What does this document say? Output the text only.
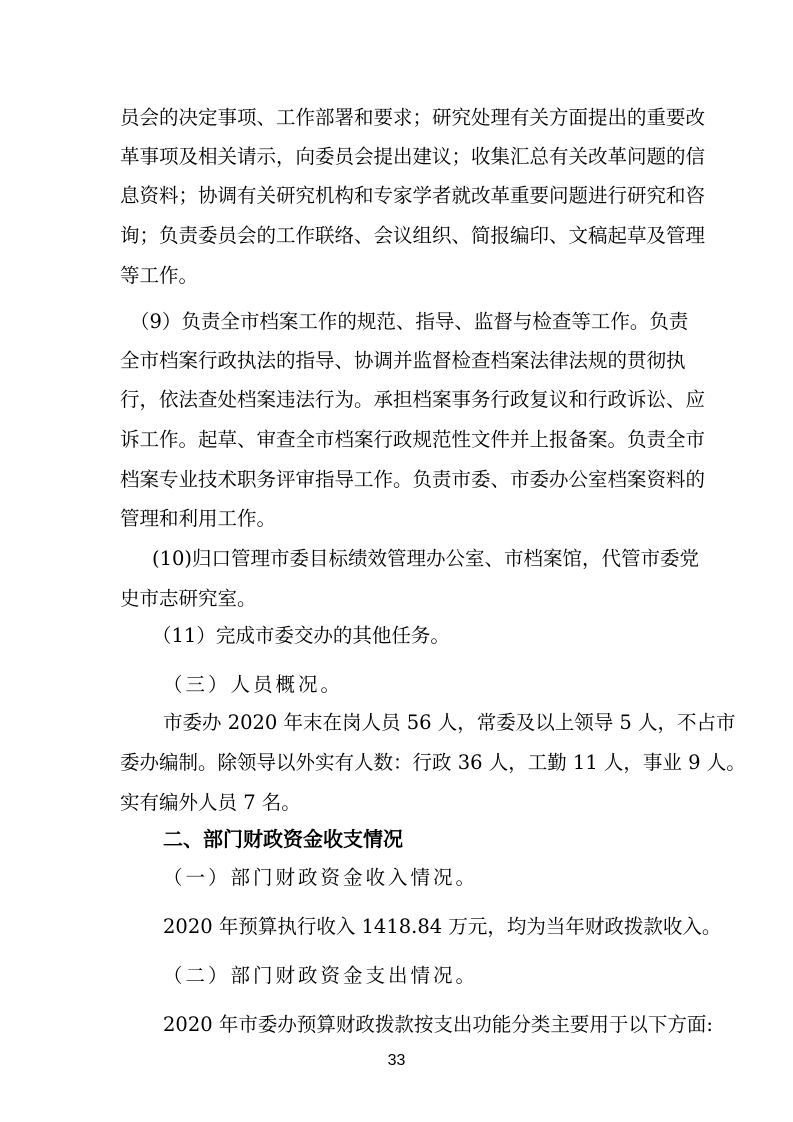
员会的决定事项、工作部署和要求；研究处理有关方面提出的重要改
革事项及相关请示，向委员会提出建议；收集汇总有关改革问题的信
息资料；协调有关研究机构和专家学者就改革重要问题进行研究和咨
询；负责委员会的工作联络、会议组织、简报编印、文稿起草及管理
等工作。
（9）负责全市档案工作的规范、指导、监督与检查等工作。负责
全市档案行政执法的指导、协调并监督检查档案法律法规的贯彻执
行，依法查处档案违法行为。承担档案事务行政复议和行政诉讼、应
诉工作。起草、审查全市档案行政规范性文件并上报备案。负责全市
档案专业技术职务评审指导工作。负责市委、市委办公室档案资料的
管理和利用工作。
(10)归口管理市委目标绩效管理办公室、市档案馆，代管市委党
史市志研究室。
（11）完成市委交办的其他任务。
（三）人员概况。
市委办 2020 年末在岗人员 56 人，常委及以上领导 5 人，不占市
委办编制。除领导以外实有人数：行政 36 人，工勤 11 人，事业 9 人。
实有编外人员 7 名。
二、部门财政资金收支情况
（一）部门财政资金收入情况。
2020 年预算执行收入 1418.84 万元，均为当年财政拨款收入。
（二）部门财政资金支出情况。
2020 年市委办预算财政拨款按支出功能分类主要用于以下方面:
33
